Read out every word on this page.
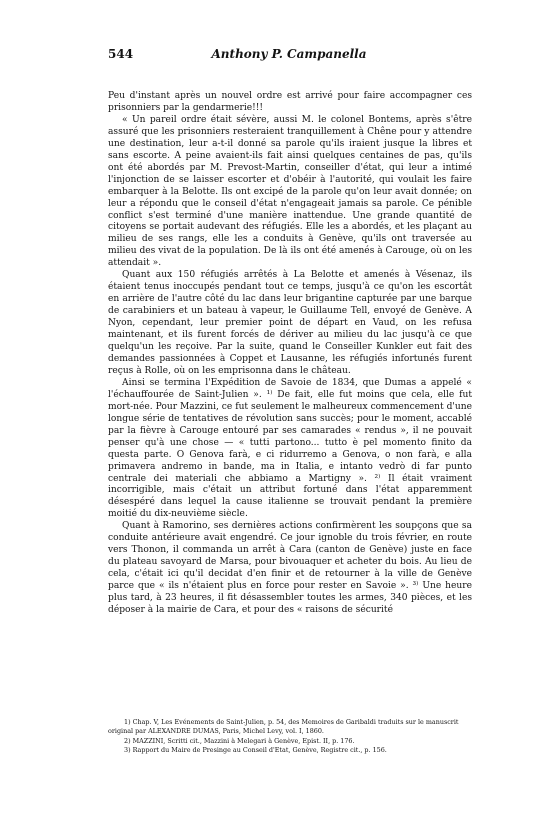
544	Anthony P. Campanella

Peu d'instant après un nouvel ordre est arrivé pour faire accompagner ces prisonniers par la gendarmerie!!!

« Un pareil ordre était sévère, aussi M. le colonel Bontems, après s'être assuré que les prisonniers resteraient tranquillement à Chêne pour y attendre une destination, leur a-t-il donné sa parole qu'ils iraient jusque la libres et sans escorte. A peine avaient-ils fait ainsi quelques centaines de pas, qu'ils ont été abordés par M. Prevost-Martin, conseiller d'état, qui leur a intimé l'injonction de se laisser escorter et d'obéir à l'autorité, qui voulait les faire embarquer à la Belotte. Ils ont excipé de la parole qu'on leur avait donnée; on leur a répondu que le conseil d'état n'engageait jamais sa parole. Ce pénible conflict s'est terminé d'une manière inattendue. Une grande quantité de citoyens se portait audevant des réfugiés. Elle les a abordés, et les plaçant au milieu de ses rangs, elle les a conduits à Genève, qu'ils ont traversée au milieu des vivat de la population. De là ils ont été amenés à Carouge, où on les attendait ».

Quant aux 150 réfugiés arrêtés à La Belotte et amenés à Vésenaz, ils étaient tenus inoccupés pendant tout ce temps, jusqu'à ce qu'on les escortât en arrière de l'autre côté du lac dans leur brigantine capturée par une barque de carabiniers et un bateau à vapeur, le Guillaume Tell, envoyé de Genève. A Nyon, cependant, leur premier point de départ en Vaud, on les refusa maintenant, et ils furent forcés de dériver au milieu du lac jusqu'à ce que quelqu'un les reçoive. Par la suite, quand le Conseiller Kunkler eut fait des demandes passionnées à Coppet et Lausanne, les réfugiés infortunés furent reçus à Rolle, où on les emprisonna dans le château.

Ainsi se termina l'Expédition de Savoie de 1834, que Dumas a appelé « l'échauffourée de Saint-Julien ». ¹⁾ De fait, elle fut moins que cela, elle fut mort-née. Pour Mazzini, ce fut seulement le malheureux commencement d'une longue série de tentatives de révolution sans succès; pour le moment, accablé par la fièvre à Carouge entouré par ses camarades « rendus », il ne pouvait penser qu'à une chose — « tutti partono... tutto è pel momento finito da questa parte. O Genova farà, e ci ridurremo a Genova, o non farà, e alla primavera andremo in bande, ma in Italia, e intanto vedrò di far punto centrale dei materiali che abbiamo a Martigny ». ²⁾ Il était vraiment incorrigible, mais c'était un attribut fortuné dans l'état apparemment désespéré dans lequel la cause italienne se trouvait pendant la première moitié du dix-neuvième siècle.

Quant à Ramorino, ses dernières actions confirmèrent les soupçons que sa conduite antérieure avait engendré. Ce jour ignoble du trois février, en route vers Thonon, il commanda un arrêt à Cara (canton de Genève) juste en face du plateau savoyard de Marsa, pour bivouaquer et acheter du bois. Au lieu de cela, c'était ici qu'il decidat d'en finir et de retourner à la ville de Genève parce que « ils n'étaient plus en force pour rester en Savoie ». ³⁾ Une heure plus tard, à 23 heures, il fit désassembler toutes les armes, 340 pièces, et les déposer à la mairie de Cara, et pour des « raisons de sécurité

1) Chap. V, Les Evénements de Saint-Julien, p. 54, des Memoires de Garibaldi traduits sur le manuscrit original par ALEXANDRE DUMAS, Paris, Michel Levy, vol. I, 1860.

2) MAZZINI, Scritti cit., Mazzini à Melegari à Genève, Epist. II, p. 176.

3) Rapport du Maire de Presinge au Conseil d'Etat, Genève, Registre cit., p. 156.
